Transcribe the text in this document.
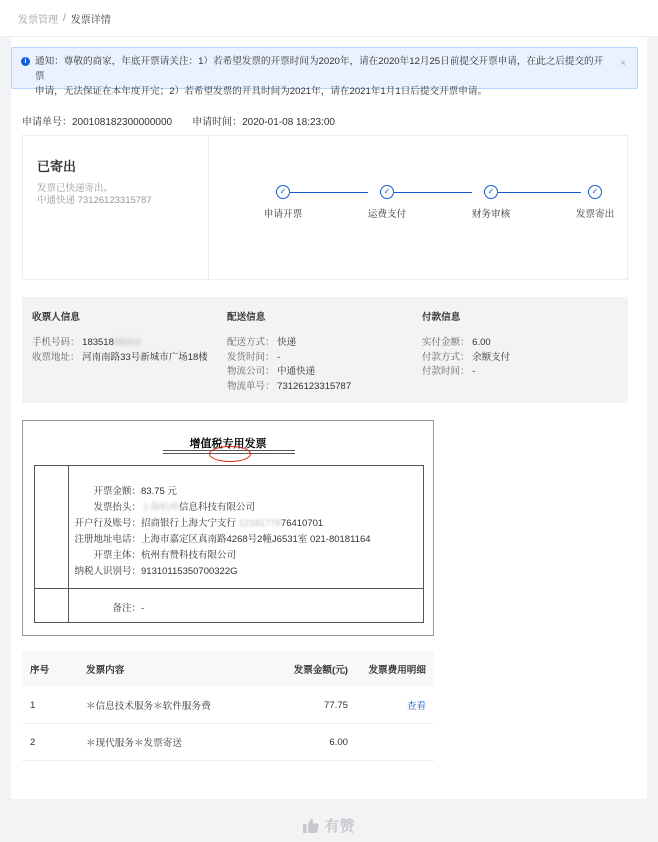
发票管理 / 发票详情
i 通知：尊敬的商家，年底开票请关注：1）若希望发票的开票时间为2020年，请在2020年12月25日前提交开票申请，在此之后提交的开票
申请，无法保证在本年度开完；2）若希望发票的开具时间为2021年，请在2021年1月1日后提交开票申请。
×
申请单号：200108182300000000 申请时间：2020-01-08 18:23:00
已寄出
发票已快递寄出。
中通快递 73126123315787
✓	✓	✓	✓
申请开票	运费支付	财务审核	发票寄出
收票人信息
手机号码： 18351888303
收票地址： 河南南路33号新城市广场18楼
配送信息
配送方式： 快递
发货时间： -
物流公司： 中通快递
物流单号： 73126123315787
付款信息
实付金额： 6.00
付款方式： 余额支付
付款时间： -
增值税专用发票
开票金额：83.75 元
发票抬头：上海杭州信息科技有限公司
开户行及账号：招商银行上海大宁支行 1218177676410701
注册地址电话：上海市嘉定区真南路4268号2幢J6531室 021-80181164
开票主体：杭州有赞科技有限公司
纳税人识别号：91310115350700322G
备注：-
序号	发票内容	发票金额(元)	发票费用明细
1	＊信息技术服务＊软件服务费	77.75	查看
2	＊现代服务＊发票寄送	6.00
有赞
